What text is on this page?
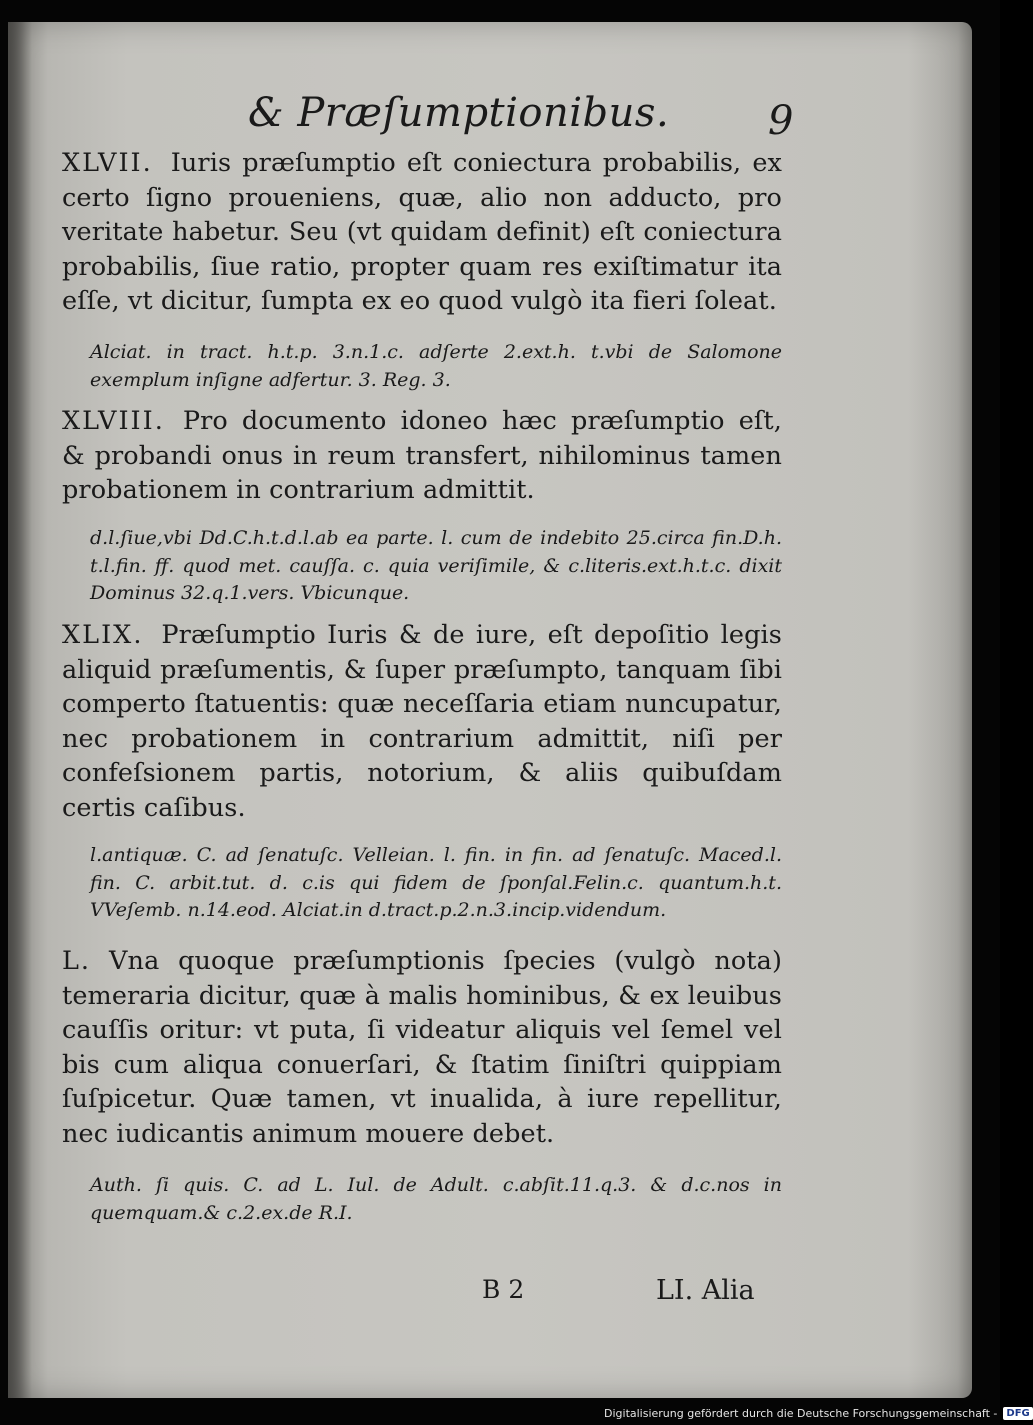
& Præſumptionibus. 9
XLVII. Iuris præſumptio eſt coniectura probabilis, ex certo ſigno proueniens, quæ, alio non adducto, pro veritate habetur. Seu (vt quidam definit) eſt coniectura probabilis, ſiue ratio, propter quam res exiſtimatur ita eſſe, vt dicitur, ſumpta ex eo quod vulgò ita fieri ſoleat.
Alciat. in tract. h.t.p. 3.n.1.c. adſerte 2.ext.h. t.vbi de Salomone exemplum inſigne adfertur. 3. Reg. 3.
XLVIII. Pro documento idoneo hæc præſumptio eſt, & probandi onus in reum transfert, nihilominus tamen probationem in contrarium admittit.
d.l.ſiue,vbi Dd.C.h.t.d.l.ab ea parte. l. cum de indebito 25.circa fin.D.h. t.l.fin. ff. quod met. cauſſa. c. quia veriſimile, & c.literis.ext.h.t.c. dixit Dominus 32.q.1.vers. Vbicunque.
XLIX. Præſumptio Iuris & de iure, eſt depoſitio legis aliquid præſumentis, & ſuper præſumpto, tanquam ſibi comperto ſtatuentis: quæ neceſſaria etiam nuncupatur, nec probationem in contrarium admittit, niſi per confeſsionem partis, notorium, & aliis quibuſdam certis caſibus.
l.antiquæ. C. ad ſenatuſc. Velleian. l. fin. in fin. ad ſenatuſc. Maced.l. fin. C. arbit.tut. d. c.is qui fidem de ſponſal.Felin.c. quantum.h.t. VVeſemb. n.14.eod. Alciat.in d.tract.p.2.n.3.incip.videndum.
L. Vna quoque præſumptionis ſpecies (vulgò nota) temeraria dicitur, quæ à malis hominibus, & ex leuibus cauſſis oritur: vt puta, ſi videatur aliquis vel ſemel vel bis cum aliqua conuerſari, & ſtatim ſiniſtri quippiam ſuſpicetur. Quæ tamen, vt inualida, à iure repellitur, nec iudicantis animum mouere debet.
Auth. ſi quis. C. ad L. Iul. de Adult. c.abſit.11.q.3. & d.c.nos in quemquam.& c.2.ex.de R.I.
B 2	LI. Alia
Digitalisierung gefördert durch die Deutsche Forschungsgemeinschaft - DFG
